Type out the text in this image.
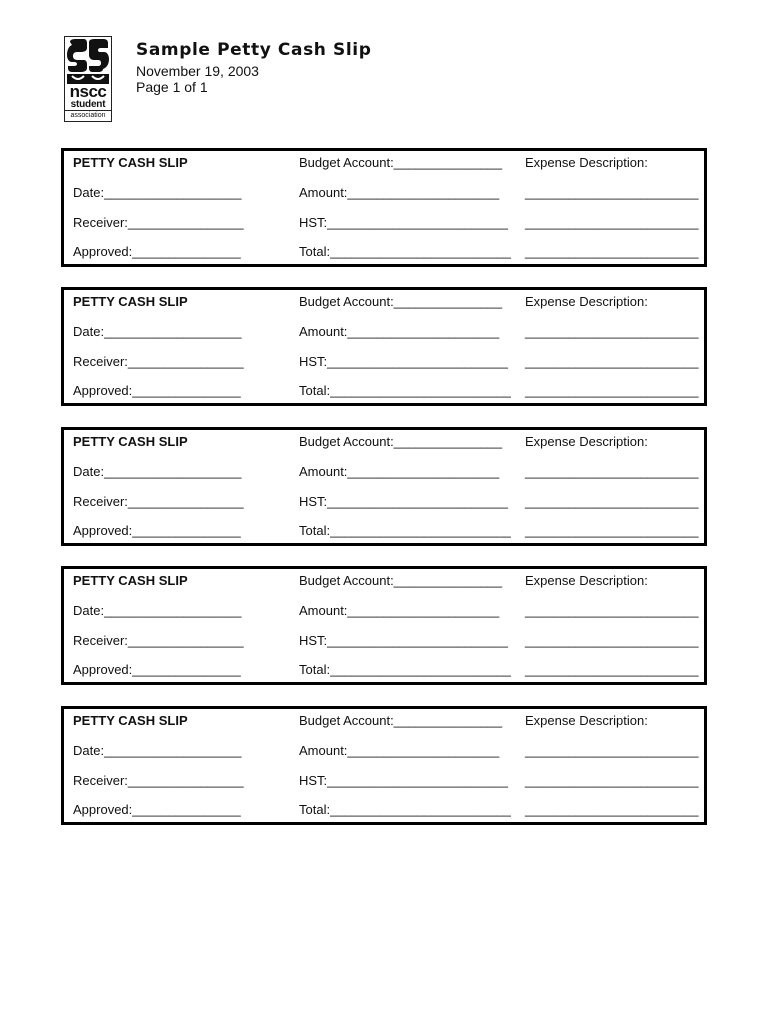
nscc
student
association
Sample Petty Cash Slip
November 19, 2003
Page 1 of 1
PETTY CASH SLIP	Budget Account:_______________ Expense Description:
Date:___________________	Amount:_____________________ ________________________
Receiver:________________	HST:_________________________ ________________________
Approved:_______________	Total:_________________________ ________________________
PETTY CASH SLIP	Budget Account:_______________ Expense Description:
Date:___________________	Amount:_____________________ ________________________
Receiver:________________	HST:_________________________ ________________________
Approved:_______________	Total:_________________________ ________________________
PETTY CASH SLIP	Budget Account:_______________ Expense Description:
Date:___________________	Amount:_____________________ ________________________
Receiver:________________	HST:_________________________ ________________________
Approved:_______________	Total:_________________________ ________________________
PETTY CASH SLIP	Budget Account:_______________ Expense Description:
Date:___________________	Amount:_____________________ ________________________
Receiver:________________	HST:_________________________ ________________________
Approved:_______________	Total:_________________________ ________________________
PETTY CASH SLIP	Budget Account:_______________ Expense Description:
Date:___________________	Amount:_____________________ ________________________
Receiver:________________	HST:_________________________ ________________________
Approved:_______________	Total:_________________________ ________________________
